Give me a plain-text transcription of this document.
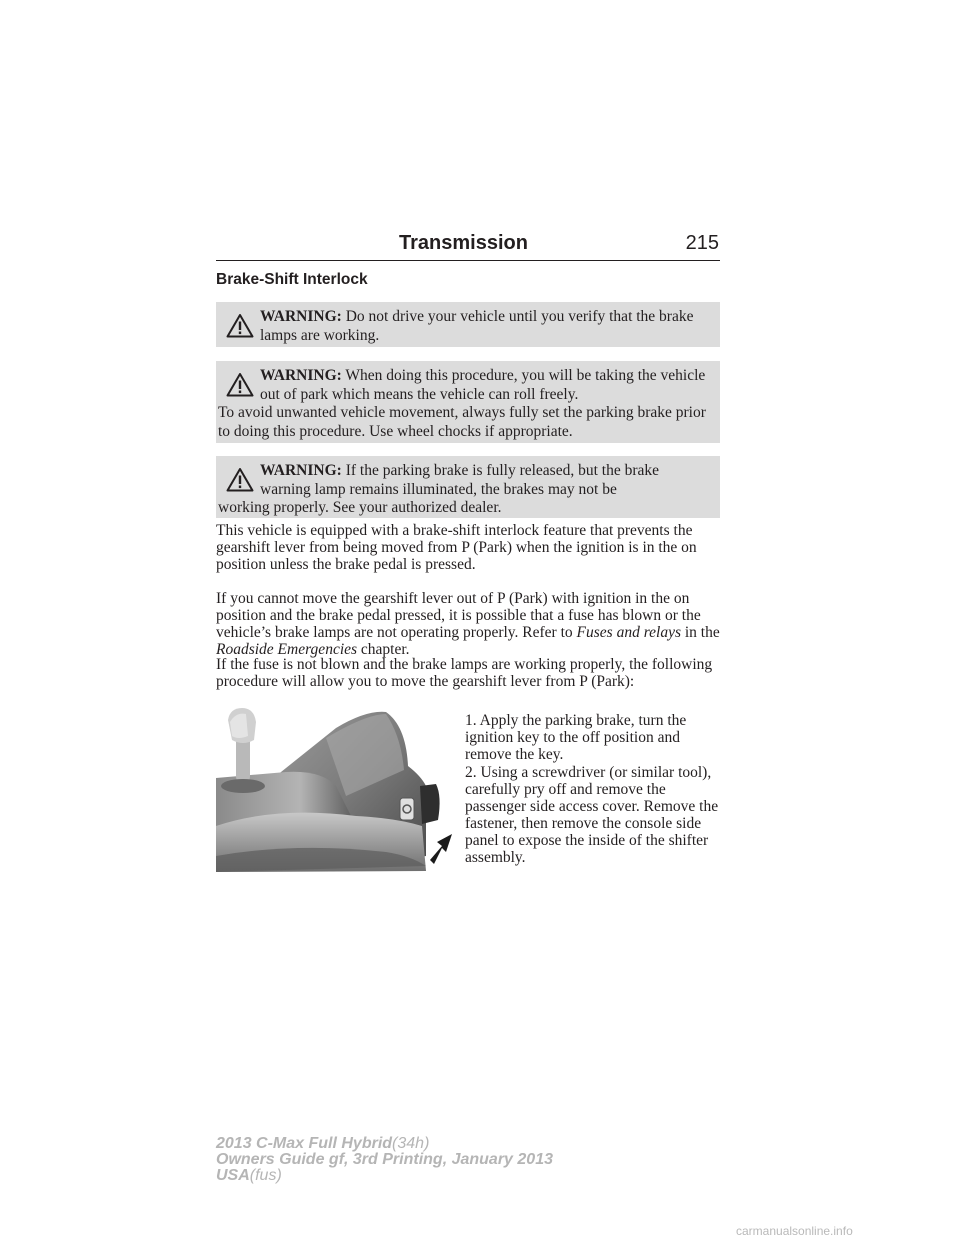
Transmission	215
Brake-Shift Interlock
WARNING: Do not drive your vehicle until you verify that the brake lamps are working.
WARNING: When doing this procedure, you will be taking the vehicle out of park which means the vehicle can roll freely.
To avoid unwanted vehicle movement, always fully set the parking brake prior to doing this procedure. Use wheel chocks if appropriate.
WARNING: If the parking brake is fully released, but the brake warning lamp remains illuminated, the brakes may not be
working properly. See your authorized dealer.

This vehicle is equipped with a brake-shift interlock feature that prevents the gearshift lever from being moved from P (Park) when the ignition is in the on position unless the brake pedal is pressed.

If you cannot move the gearshift lever out of P (Park) with ignition in the on position and the brake pedal pressed, it is possible that a fuse has blown or the vehicle’s brake lamps are not operating properly. Refer to Fuses and relays in the Roadside Emergencies chapter.

If the fuse is not blown and the brake lamps are working properly, the following procedure will allow you to move the gearshift lever from P (Park):

1. Apply the parking brake, turn the ignition key to the off position and remove the key.

2. Using a screwdriver (or similar tool), carefully pry off and remove the passenger side access cover. Remove the fastener, then remove the console side panel to expose the inside of the shifter assembly.

2013 C-Max Full Hybrid(34h)
Owners Guide gf, 3rd Printing, January 2013
USA(fus)
carmanualsonline.info
